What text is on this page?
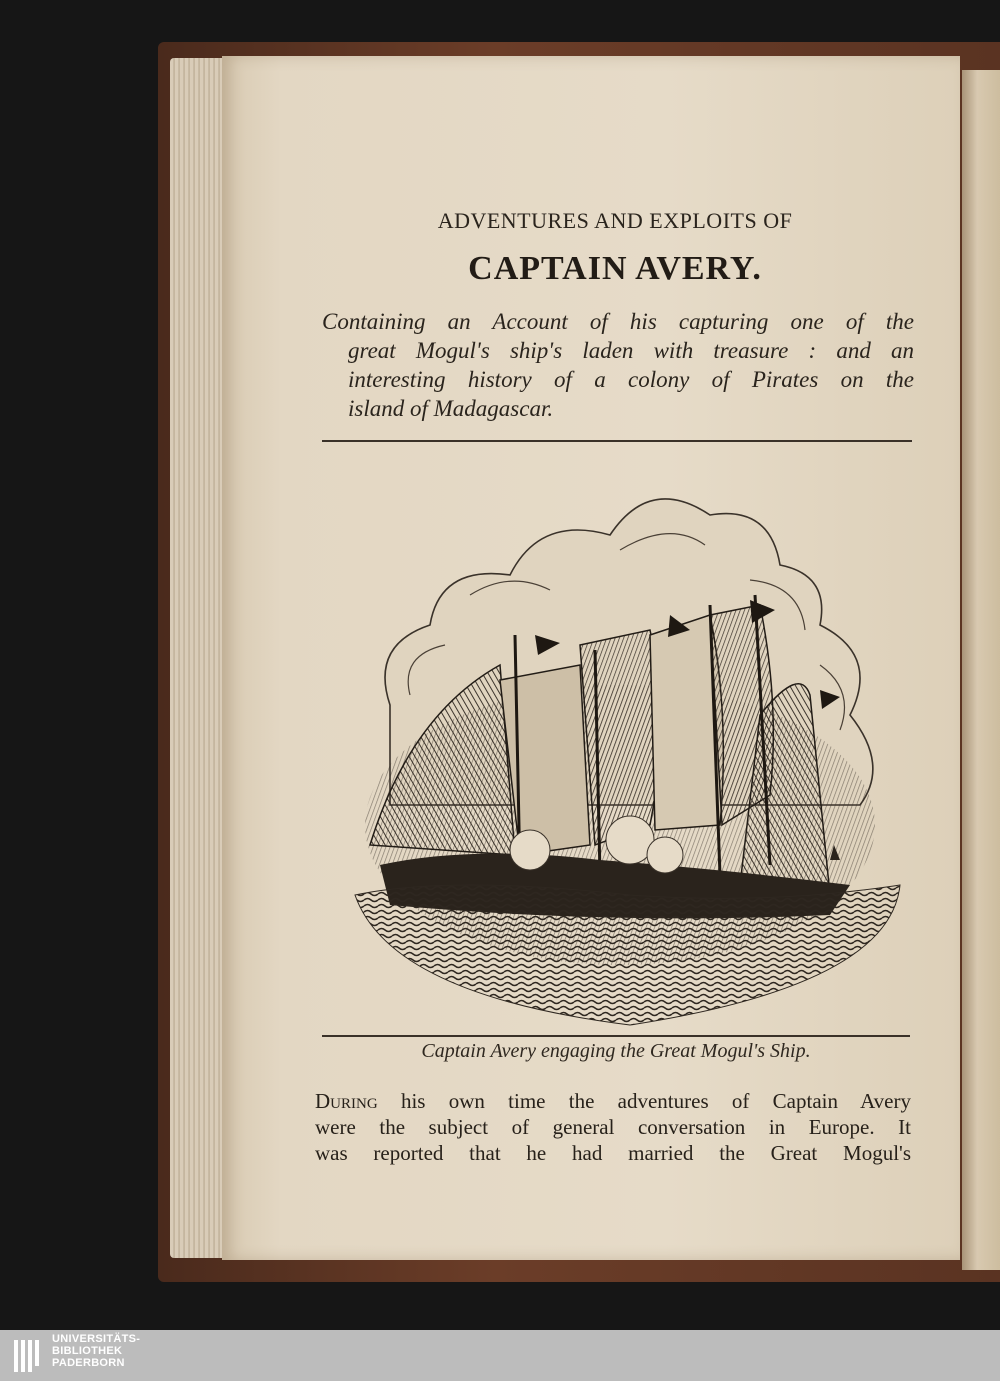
ADVENTURES AND EXPLOITS OF
CAPTAIN AVERY.
Containing an Account of his capturing one of the
great Mogul's ship's laden with treasure : and an
interesting history of a colony of Pirates on the
island of Madagascar.
Captain Avery engaging the Great Mogul's Ship.
During his own time the adventures of Captain Avery
were the subject of general conversation in Europe. It
was reported that he had married the Great Mogul's
UNIVERSITÄTS-
BIBLIOTHEK
PADERBORN
